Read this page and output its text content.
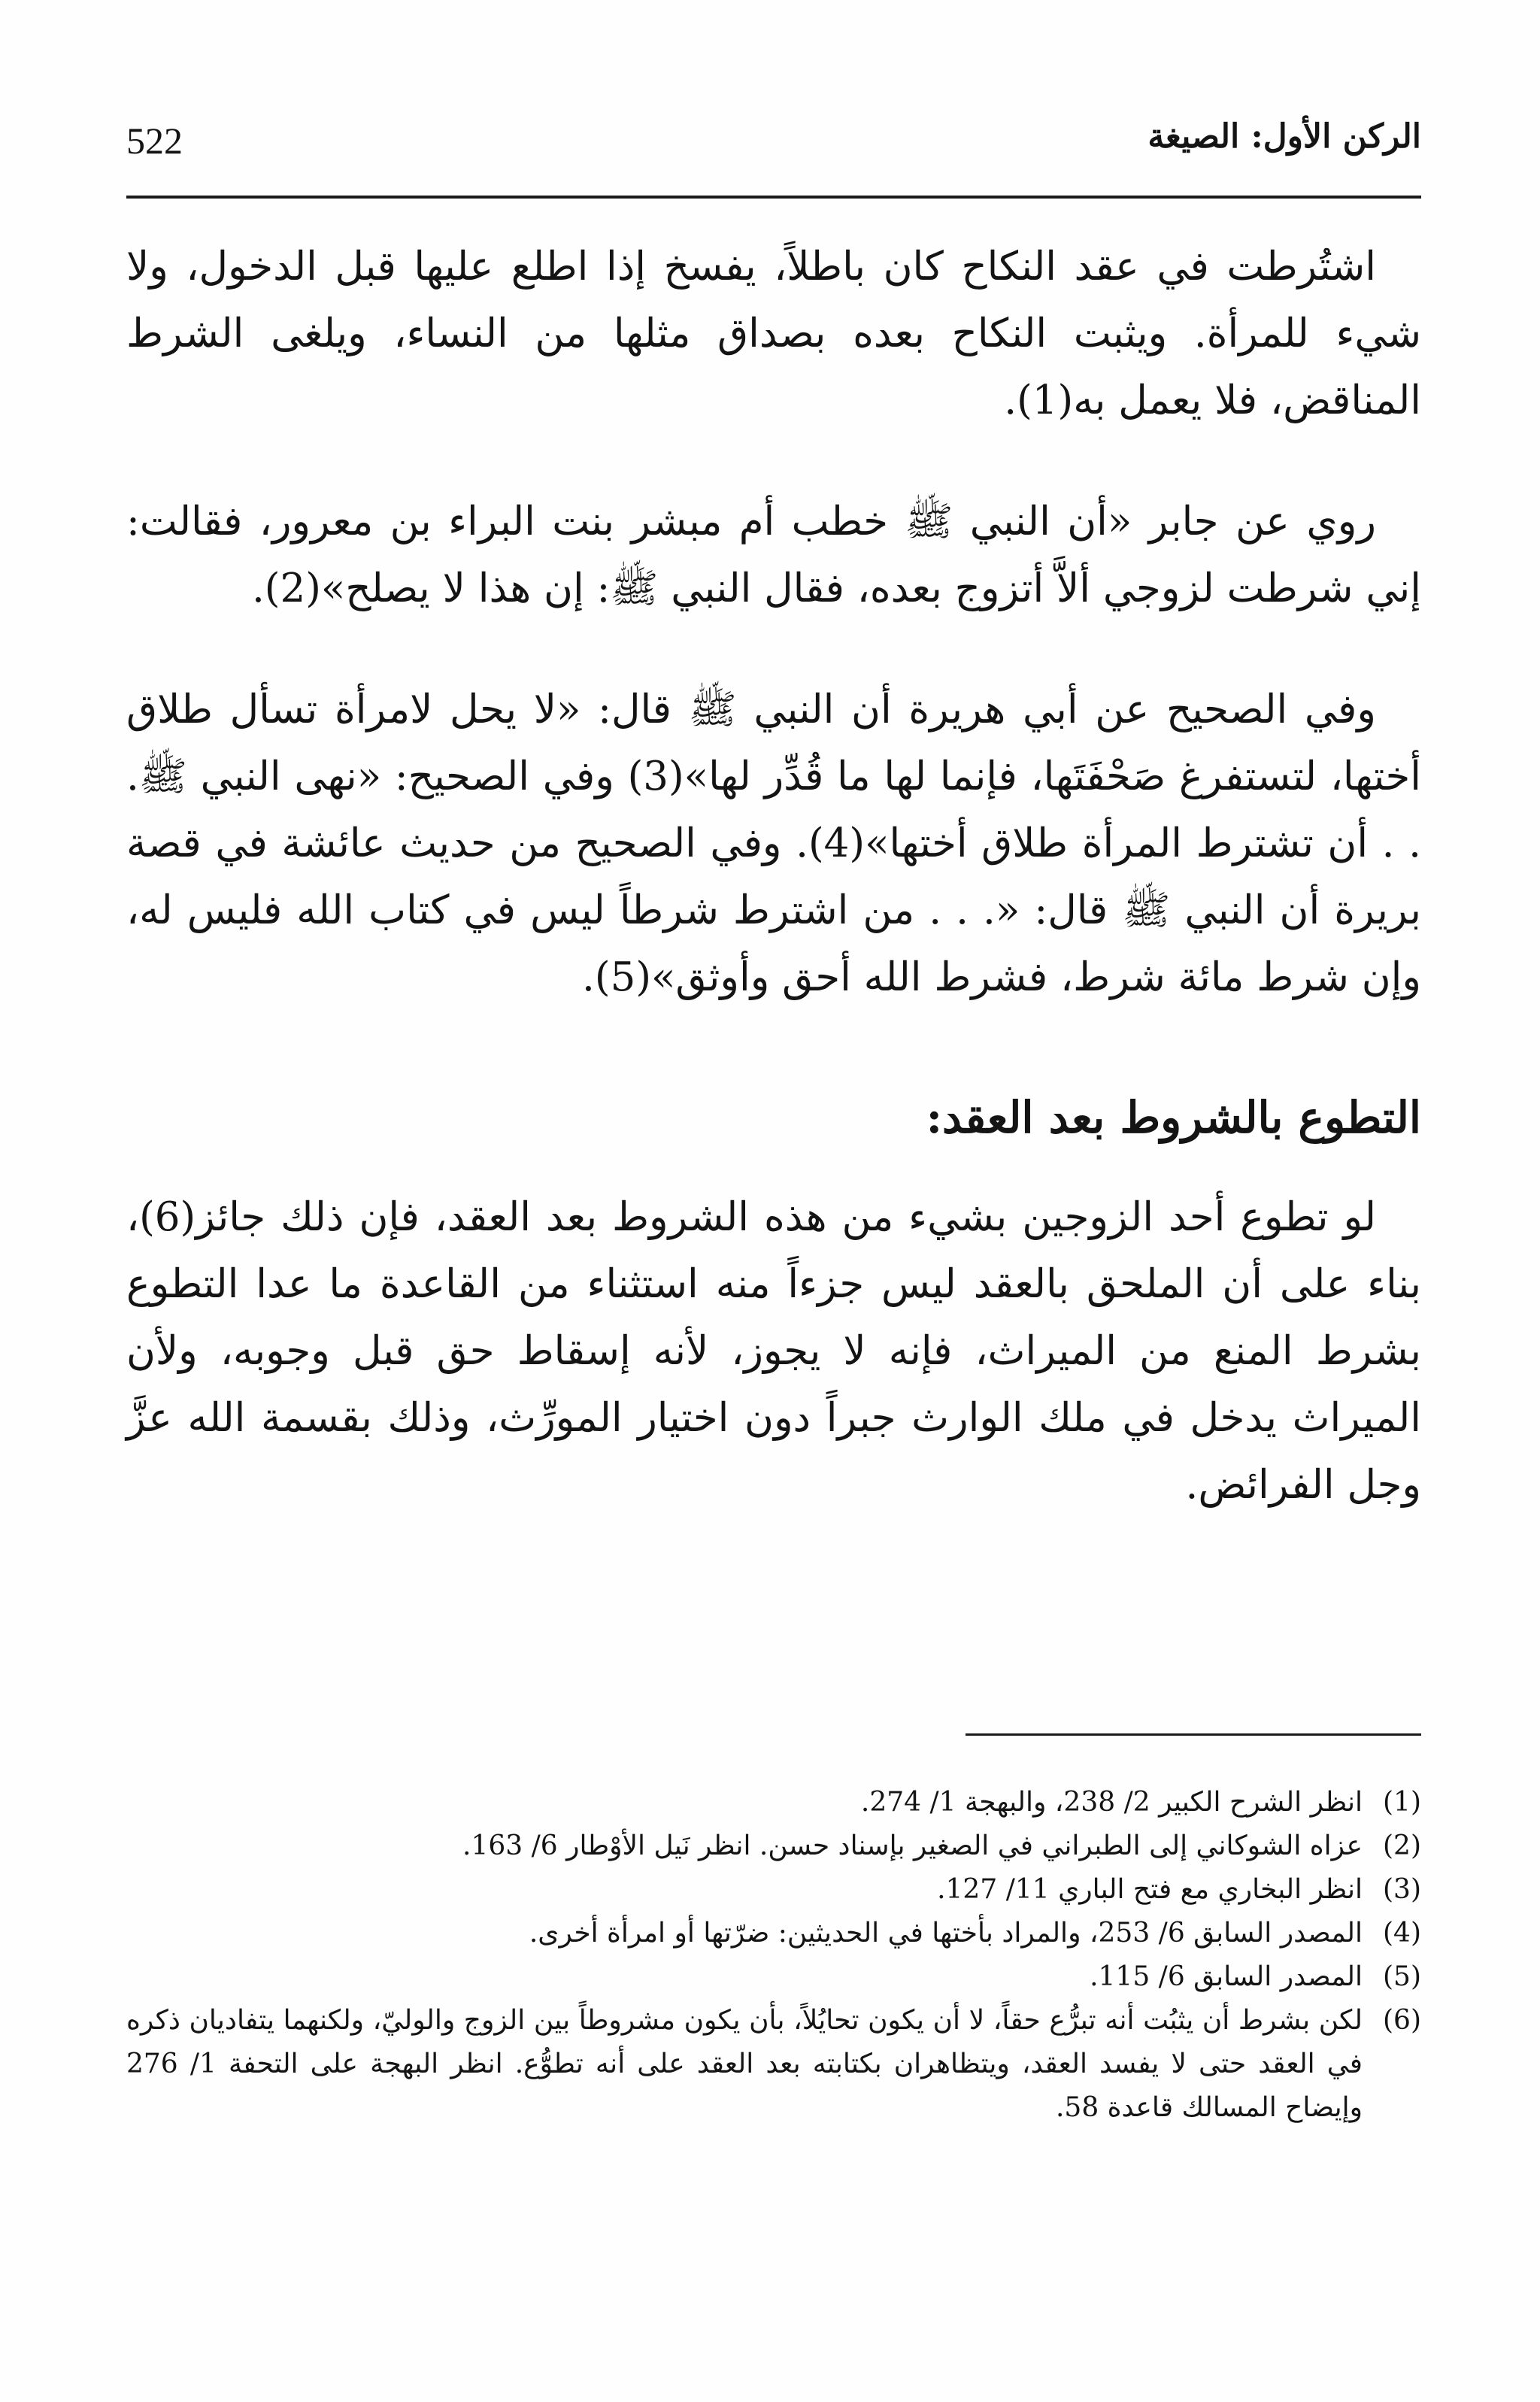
522	الركن الأول: الصيغة

اشتُرطت في عقد النكاح كان باطلاً، يفسخ إذا اطلع عليها قبل الدخول، ولا شيء للمرأة. ويثبت النكاح بعده بصداق مثلها من النساء، ويلغى الشرط المناقض، فلا يعمل به(1).

روي عن جابر «أن النبي ﷺ خطب أم مبشر بنت البراء بن معرور، فقالت: إني شرطت لزوجي ألاَّ أتزوج بعده، فقال النبي ﷺ: إن هذا لا يصلح»(2).

وفي الصحيح عن أبي هريرة أن النبي ﷺ قال: «لا يحل لامرأة تسأل طلاق أختها، لتستفرغ صَحْفَتَها، فإنما لها ما قُدِّر لها»(3) وفي الصحيح: «نهى النبي ﷺ. . . أن تشترط المرأة طلاق أختها»(4). وفي الصحيح من حديث عائشة في قصة بريرة أن النبي ﷺ قال: «. . . من اشترط شرطاً ليس في كتاب الله فليس له، وإن شرط مائة شرط، فشرط الله أحق وأوثق»(5).

التطوع بالشروط بعد العقد:

لو تطوع أحد الزوجين بشيء من هذه الشروط بعد العقد، فإن ذلك جائز(6)، بناء على أن الملحق بالعقد ليس جزءاً منه استثناء من القاعدة ما عدا التطوع بشرط المنع من الميراث، فإنه لا يجوز، لأنه إسقاط حق قبل وجوبه، ولأن الميراث يدخل في ملك الوارث جبراً دون اختيار المورِّث، وذلك بقسمة الله عزَّ وجل الفرائض.

(1)
انظر الشرح الكبير 2/ 238، والبهجة 1/ 274.
(2)
عزاه الشوكاني إلى الطبراني في الصغير بإسناد حسن. انظر نَيل الأوْطار 6/ 163.
(3)
انظر البخاري مع فتح الباري 11/ 127.
(4)
المصدر السابق 6/ 253، والمراد بأختها في الحديثين: ضرّتها أو امرأة أخرى.
(5)
المصدر السابق 6/ 115.
(6)
لكن بشرط أن يثبُت أنه تبرُّع حقاً، لا أن يكون تحايُلاً، بأن يكون مشروطاً بين الزوج والوليّ، ولكنهما يتفاديان ذكره في العقد حتى لا يفسد العقد، ويتظاهران بكتابته بعد العقد على أنه تطوُّع. انظر البهجة على التحفة 1/ 276 وإيضاح المسالك قاعدة 58.
